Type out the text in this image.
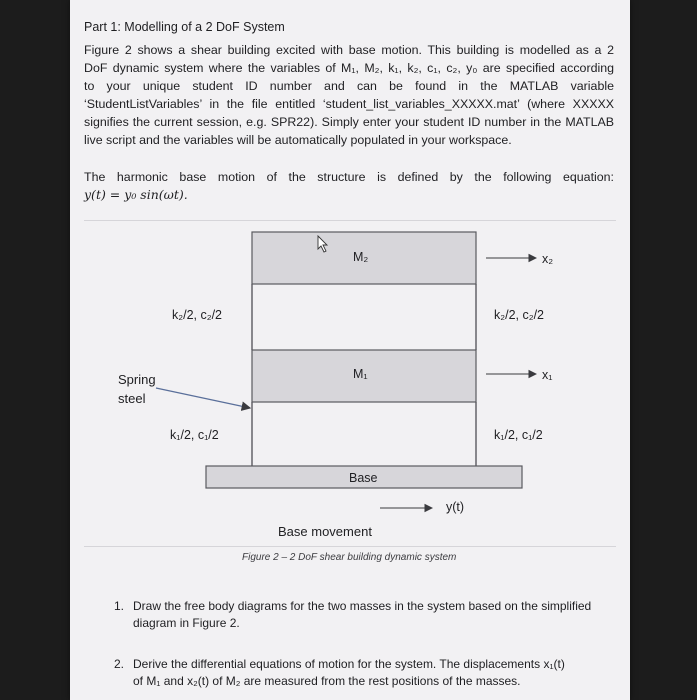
Part 1: Modelling of a 2 DoF System
Figure 2 shows a shear building excited with base motion. This building is modelled as a 2
DoF dynamic system where the variables of M₁, M₂, k₁, k₂, c₁, c₂, y₀ are specified according
to your unique student ID number and can be found in the MATLAB variable
‘StudentListVariables’ in the file entitled ‘student_list_variables_XXXXX.mat’ (where XXXXX
signifies the current session, e.g. SPR22). Simply enter your student ID number in the MATLAB
live script and the variables will be automatically populated in your workspace.
The harmonic base motion of the structure is defined by the following equation:
y(t) = y₀ sin(ωt).
M₂
M₁
x₂
x₁
k₂/2, c₂/2	k₂/2, c₂/2
k₁/2, c₁/2	k₁/2, c₁/2
Spring
steel
Base
y(t)
Base movement
Figure 2 – 2 DoF shear building dynamic system
1. Draw the free body diagrams for the two masses in the system based on the simplified
diagram in Figure 2.
2. Derive the differential equations of motion for the system. The displacements x₁(t)
of M₁ and x₂(t) of M₂ are measured from the rest positions of the masses.
